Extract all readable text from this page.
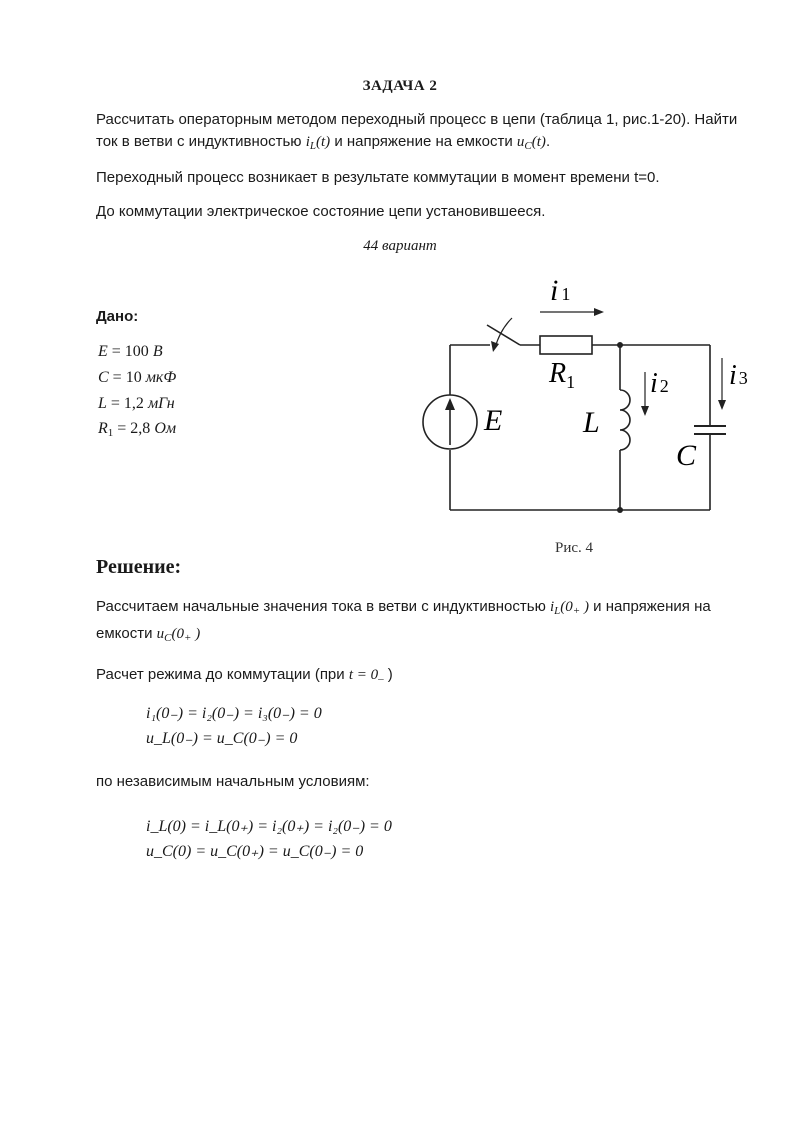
ЗАДАЧА 2
Рассчитать операторным методом переходный процесс в цепи (таблица 1, рис.1-20). Найти
ток в ветви с индуктивностью $i_L(t)$ и напряжение на емкости $u_C(t)$.
Переходный процесс возникает в результате коммутации в момент времени t=0.
До коммутации электрическое состояние цепи установившееся.
44 вариант
Дано:
E = 100 В
C = 10 мкФ
L = 1,2 мГн
$R_1 = 2,8$ Ом
i 1
$R_1$	i 2 i 3
E	L
C
Рис. 4
Решение:
Рассчитаем начальные значения тока в ветви с индуктивностью $i_L(0_+$ ) и напряжения на
емкости $u_C(0_+$ )
Расчет режима до коммутации (при $t = 0_-$ )
i₁(0₋) = i₂(0₋) = i₃(0₋) = 0
u_L(0₋) = u_C(0₋) = 0
по независимым начальным условиям:
i_L(0) = i_L(0₊) = i₂(0₊) = i₂(0₋) = 0
u_C(0) = u_C(0₊) = u_C(0₋) = 0
